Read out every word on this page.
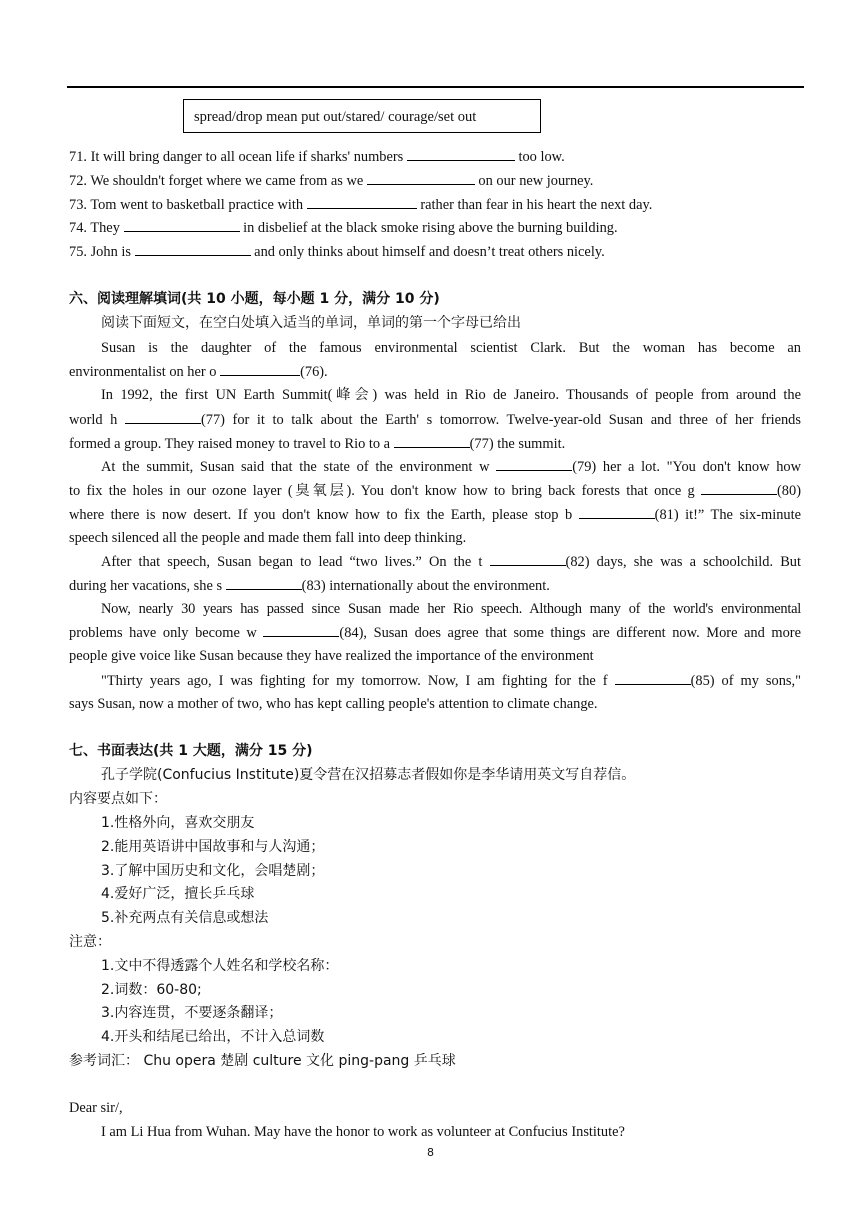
spread/drop mean put out/stared/ courage/set out
71. It will bring danger to all ocean life if sharks' numbers	too low.
72. We shouldn't forget where we came from as we	on our new journey.
73. Tom went to basketball practice with	rather than fear in his heart the next day.
74. They	in disbelief at the black smoke rising above the burning building.
75. John is	and only thinks about himself and doesn’t treat others nicely.
六、阅读理解填词(共 10 小题，每小题 1 分，满分 10 分)
阅读下面短文，在空白处填入适当的单词，单词的第一个字母已给出
Susan is the daughter of the famous environmental scientist Clark. But the woman has become an
environmentalist on her o	(76).
In 1992, the first UN Earth Summit(峰会) was held in Rio de Janeiro. Thousands of people from around the
world h	(77) for it to talk about the Earth' s tomorrow. Twelve-year-old Susan and three of her friends
formed a group. They raised money to travel to Rio to a	(77) the summit.
At the summit, Susan said that the state of the environment w	(79) her a lot. "You don't know how
to fix the holes in our ozone layer (臭氧层). You don't know how to bring back forests that once g	(80)
where there is now desert. If you don't know how to fix the Earth, please stop b	(81) it!” The six-minute
speech silenced all the people and made them fall into deep thinking.
After that speech, Susan began to lead “two lives.” On the t	(82) days, she was a schoolchild. But
during her vacations, she s	(83) internationally about the environment.
Now, nearly 30 years has passed since Susan made her Rio speech. Although many of the world's environmental
problems have only become w	(84), Susan does agree that some things are different now. More and more
people give voice like Susan because they have realized the importance of the environment
"Thirty years ago, I was fighting for my tomorrow. Now, I am fighting for the f	(85) of my sons,"
says Susan, now a mother of two, who has kept calling people's attention to climate change.
七、书面表达(共 1 大题，满分 15 分)
孔子学院(Confucius Institute)夏令营在汉招募志者假如你是李华请用英文写自荐信。
内容要点如下：
1.性格外向，喜欢交朋友
2.能用英语讲中国故事和与人沟通；
3.了解中国历史和文化，会唱楚剧；
4.爱好广泛，擅长乒乓球
5.补充两点有关信息或想法
注意：
1.文中不得透露个人姓名和学校名称：
2.词数：60-80;
3.内容连贯，不要逐条翻译；
4.开头和结尾已给出，不计入总词数
参考词汇： Chu opera 楚剧 culture 文化 ping-pang 乒乓球
Dear sir/,
I am Li Hua from Wuhan. May have the honor to work as volunteer at Confucius Institute?
8
